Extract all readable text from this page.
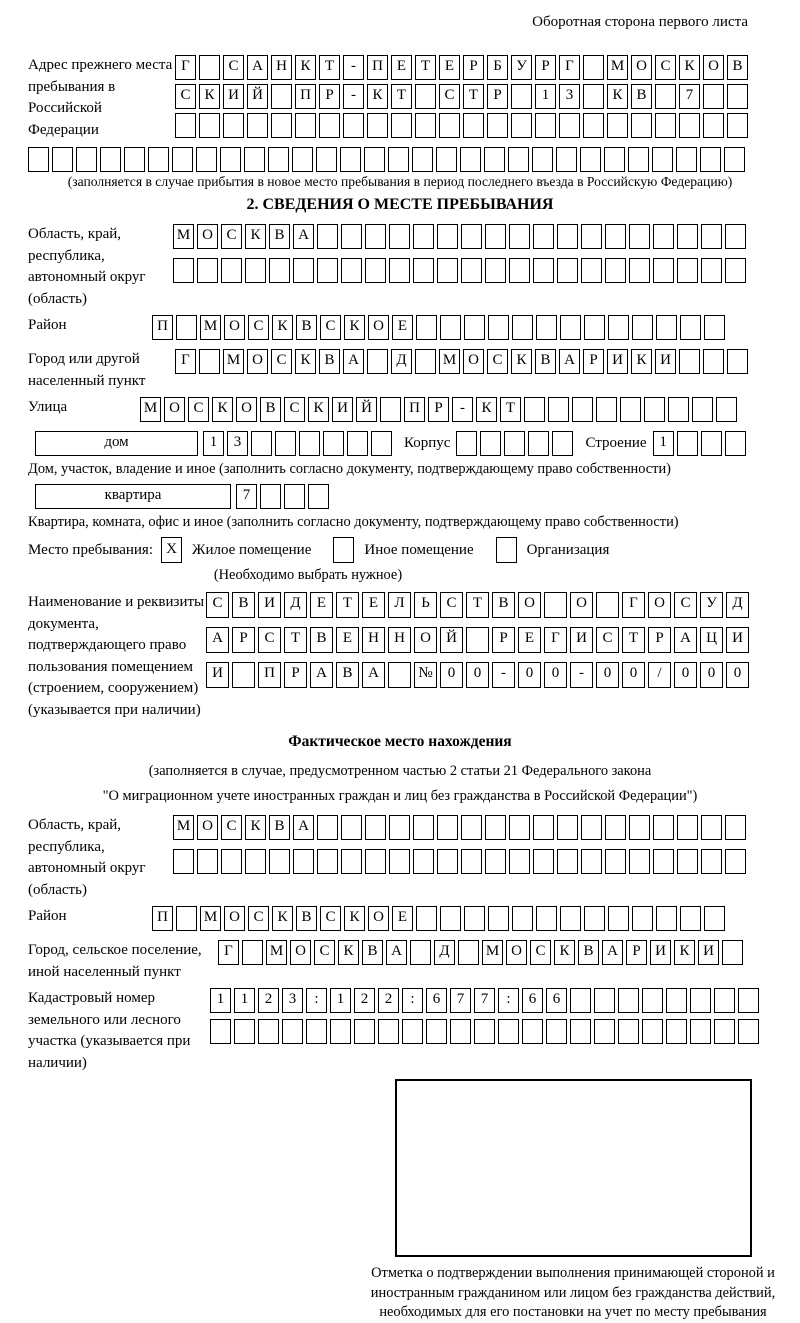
Оборотная сторона первого листа
Адрес прежнего места пребывания в Российской Федерации
Г	С А Н К Т - П Е Т Е Р Б У Р Г М О С К О В
С К И Й П Р - К Т	С Т Р	1 3	К В	7
(заполняется в случае прибытия в новое место пребывания в период последнего въезда в Российскую Федерацию)
2. СВЕДЕНИЯ О МЕСТЕ ПРЕБЫВАНИЯ
Область, край, республика, автономный округ (область)
М О С К В А
Район	П М О С К В С К О Е
Город или другой населенный пункт
Г М О С К В А Д М О С К В А Р И К И
Улица	М О С К О В С К И Й П Р - К Т
дом	1 3	Корпус	Строение 1
Дом, участок, владение и иное (заполнить согласно документу, подтверждающему право собственности)
квартира	7
Квартира, комната, офис и иное (заполнить согласно документу, подтверждающему право собственности)
Место пребывания: X Жилое помещение	Иное помещение	Организация
(Необходимо выбрать нужное)
Наименование и реквизиты документа, подтверждающего право пользования помещением (строением, сооружением) (указывается при наличии)
С В И Д Е Т Е Л Ь С Т В О	О	Г О С У Д
А Р С Т В Е Н Н О Й	Р Е Г И С Т Р А Ц И
И	П Р А В А	№ 0 0 - 0 0 - 0 0 / 0 0 0
Фактическое место нахождения
(заполняется в случае, предусмотренном частью 2 статьи 21 Федерального закона
"О миграционном учете иностранных граждан и лиц без гражданства в Российской Федерации")
Область, край, республика, автономный округ (область)
М О С К В А
Район	П М О С К В С К О Е
Город, сельское поселение, иной населенный пункт
Г М О С К В А Д М О С К В А Р И К И
Кадастровый номер земельного или лесного участка (указывается при наличии)
1 1 2 3 : 1 2 2 : 6 7 7 : 6 6
Отметка о подтверждении выполнения принимающей стороной и иностранным гражданином или лицом без гражданства действий, необходимых для его постановки на учет по месту пребывания
